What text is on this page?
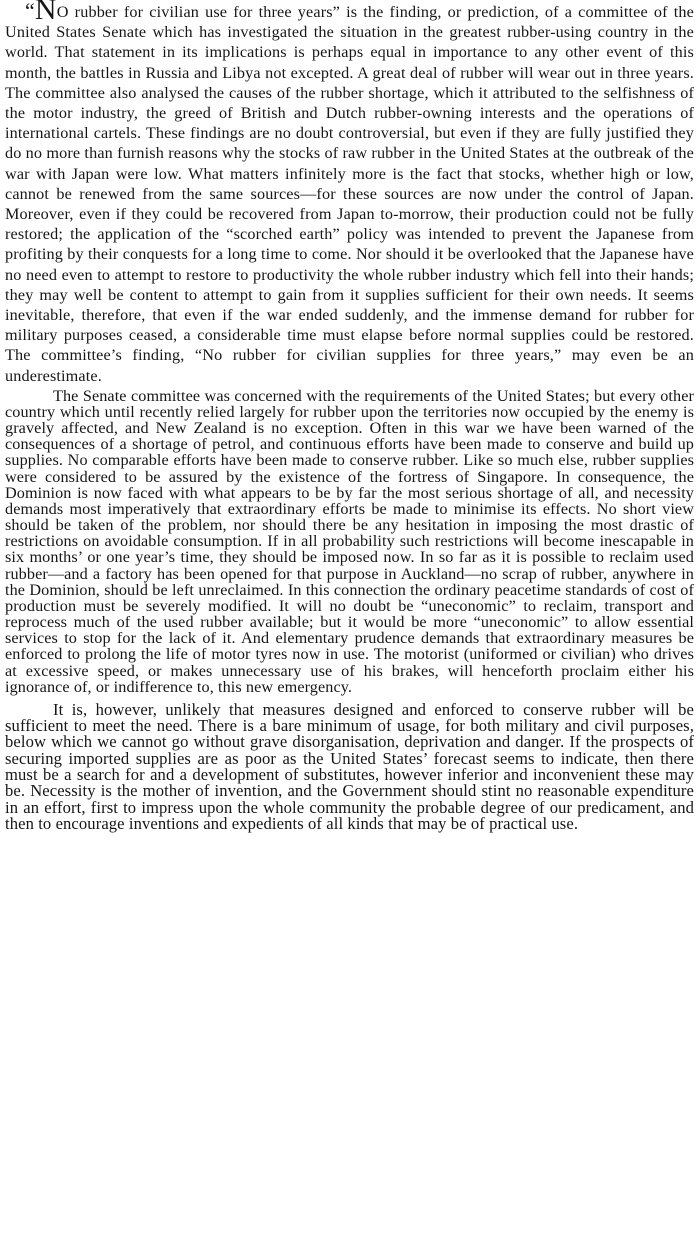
“NO rubber for civilian use for three years” is the finding, or prediction, of a committee of the United States Senate which has investigated the situation in the greatest rubber-using country in the world. That statement in its implications is perhaps equal in importance to any other event of this month, the battles in Russia and Libya not excepted. A great deal of rubber will wear out in three years. The committee also analysed the causes of the rubber shortage, which it attributed to the selfishness of the motor industry, the greed of British and Dutch rubber-owning interests and the operations of international cartels. These findings are no doubt controversial, but even if they are fully justified they do no more than furnish reasons why the stocks of raw rubber in the United States at the outbreak of the war with Japan were low. What matters infinitely more is the fact that stocks, whether high or low, cannot be renewed from the same sources—for these sources are now under the control of Japan. Moreover, even if they could be recovered from Japan to-morrow, their production could not be fully restored; the application of the “scorched earth” policy was intended to prevent the Japanese from profiting by their conquests for a long time to come. Nor should it be overlooked that the Japanese have no need even to attempt to restore to productivity the whole rubber industry which fell into their hands; they may well be content to attempt to gain from it supplies sufficient for their own needs. It seems inevitable, therefore, that even if the war ended suddenly, and the immense demand for rubber for military purposes ceased, a considerable time must elapse before normal supplies could be restored. The committee’s finding, “No rubber for civilian supplies for three years,” may even be an underestimate.

The Senate committee was concerned with the requirements of the United States; but every other country which until recently relied largely for rubber upon the territories now occupied by the enemy is gravely affected, and New Zealand is no exception. Often in this war we have been warned of the consequences of a shortage of petrol, and continuous efforts have been made to conserve and build up supplies. No comparable efforts have been made to conserve rubber. Like so much else, rubber supplies were considered to be assured by the existence of the fortress of Singapore. In consequence, the Dominion is now faced with what appears to be by far the most serious shortage of all, and necessity demands most imperatively that extraordinary efforts be made to minimise its effects. No short view should be taken of the problem, nor should there be any hesitation in imposing the most drastic of restrictions on avoidable consumption. If in all probability such restrictions will become inescapable in six months’ or one year’s time, they should be imposed now. In so far as it is possible to reclaim used rubber—and a factory has been opened for that purpose in Auckland—no scrap of rubber, anywhere in the Dominion, should be left unreclaimed. In this connection the ordinary peacetime standards of cost of production must be severely modified. It will no doubt be “uneconomic” to reclaim, transport and reprocess much of the used rubber available; but it would be more “uneconomic” to allow essential services to stop for the lack of it. And elementary prudence demands that extraordinary measures be enforced to prolong the life of motor tyres now in use. The motorist (uniformed or civilian) who drives at excessive speed, or makes unnecessary use of his brakes, will henceforth proclaim either his ignorance of, or indifference to, this new emergency.

It is, however, unlikely that measures designed and enforced to conserve rubber will be sufficient to meet the need. There is a bare minimum of usage, for both military and civil purposes, below which we cannot go without grave disorganisation, deprivation and danger. If the prospects of securing imported supplies are as poor as the United States’ forecast seems to indicate, then there must be a search for and a development of substitutes, however inferior and inconvenient these may be. Necessity is the mother of invention, and the Government should stint no reasonable expenditure in an effort, first to impress upon the whole community the probable degree of our predicament, and then to encourage inventions and expedients of all kinds that may be of practical use.
